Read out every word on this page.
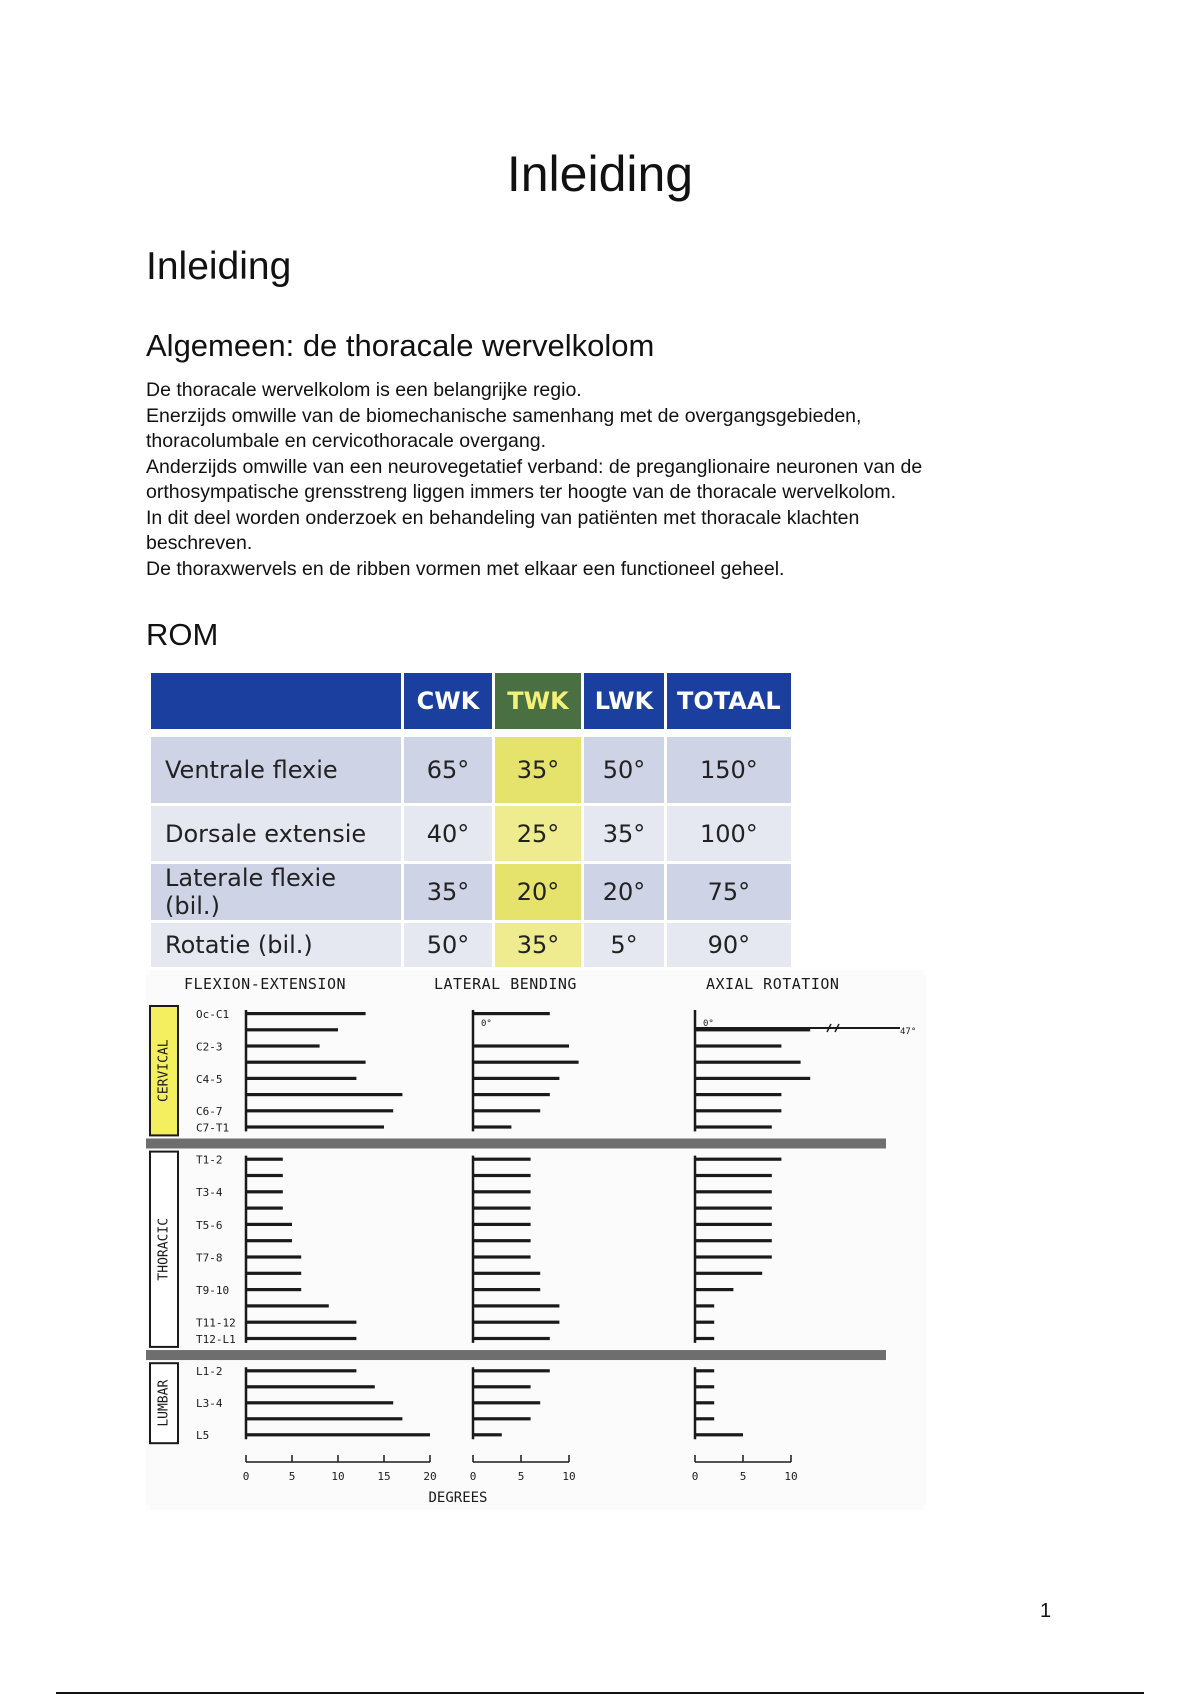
Inleiding
Inleiding
Algemeen: de thoracale wervelkolom
De thoracale wervelkolom is een belangrijke regio.
Enerzijds omwille van de biomechanische samenhang met de overgangsgebieden,
thoracolumbale en cervicothoracale overgang.
Anderzijds omwille van een neurovegetatief verband: de preganglionaire neuronen van de
orthosympatische grensstreng liggen immers ter hoogte van de thoracale wervelkolom.
In dit deel worden onderzoek en behandeling van patiënten met thoracale klachten
beschreven.
De thoraxwervels en de ribben vormen met elkaar een functioneel geheel.
ROM
	CWK	TWK	LWK	TOTAAL

Ventrale flexie	65°	35°	50°	150°
Dorsale extensie	40°	25°	35°	100°
Laterale flexie (bil.)	35°	20°	20°	75°
Rotatie (bil.)	50°	35°	5°	90°
FLEXION-EXTENSION	LATERAL BENDING	AXIAL ROTATION
CERVICAL
THORACIC
LUMBAR
Oc-C1
C2-3
C4-5
C6-7
C7-T1
T1-2
T3-4
T5-6
T7-8
T9-10
T11-12
T12-L1
L1-2
L3-4
L5
0°	0°
47°
0	5	10	15	20	0	5	10	0	5	10
DEGREES
1
